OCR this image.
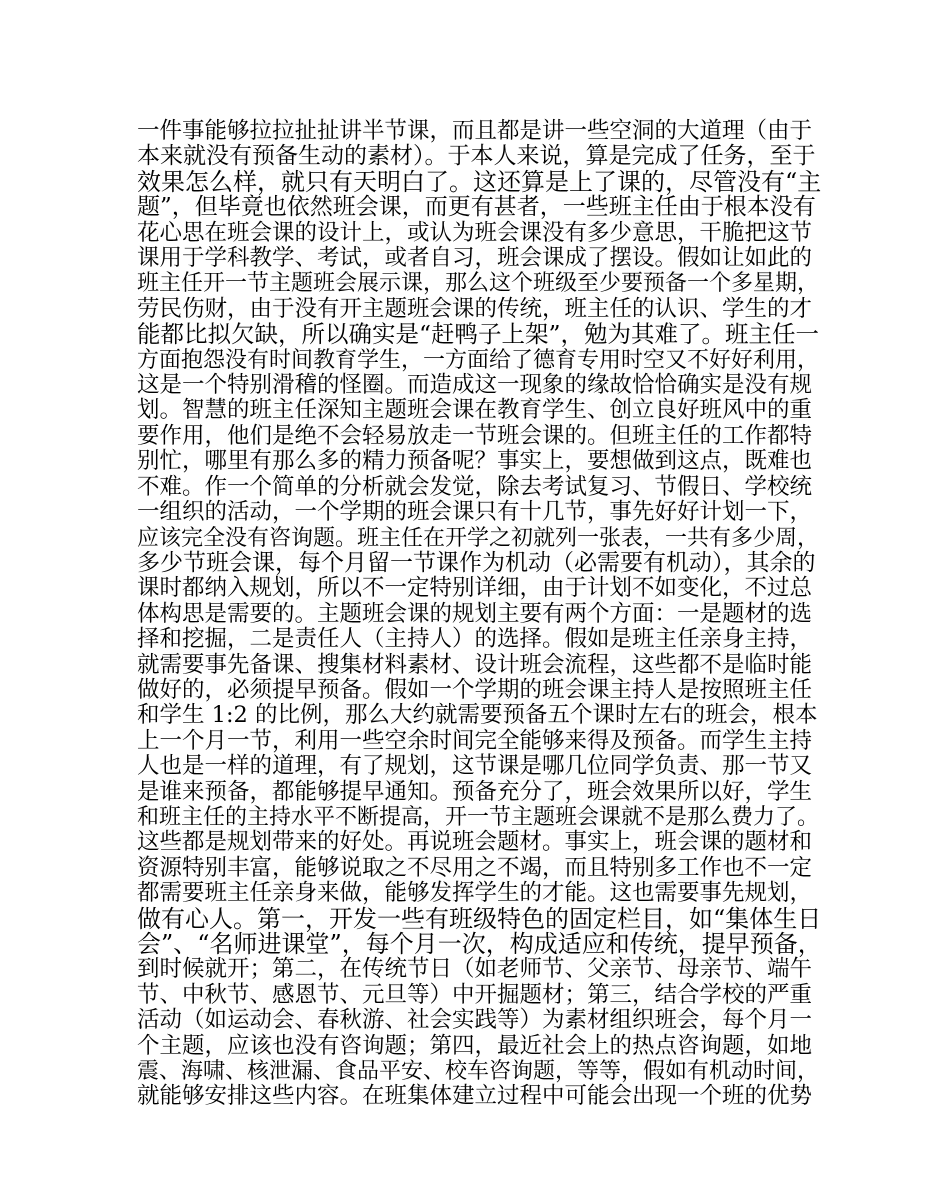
一件事能够拉拉扯扯讲半节课，而且都是讲一些空洞的大道理（由于
本来就没有预备生动的素材）。于本人来说，算是完成了任务，至于
效果怎么样，就只有天明白了。这还算是上了课的，尽管没有“主
题”，但毕竟也依然班会课，而更有甚者，一些班主任由于根本没有
花心思在班会课的设计上，或认为班会课没有多少意思，干脆把这节
课用于学科教学、考试，或者自习，班会课成了摆设。假如让如此的
班主任开一节主题班会展示课，那么这个班级至少要预备一个多星期，
劳民伤财，由于没有开主题班会课的传统，班主任的认识、学生的才
能都比拟欠缺，所以确实是“赶鸭子上架”，勉为其难了。班主任一
方面抱怨没有时间教育学生，一方面给了德育专用时空又不好好利用，
这是一个特别滑稽的怪圈。而造成这一现象的缘故恰恰确实是没有规
划。智慧的班主任深知主题班会课在教育学生、创立良好班风中的重
要作用，他们是绝不会轻易放走一节班会课的。但班主任的工作都特
别忙，哪里有那么多的精力预备呢？事实上，要想做到这点，既难也
不难。作一个简单的分析就会发觉，除去考试复习、节假日、学校统
一组织的活动，一个学期的班会课只有十几节，事先好好计划一下，
应该完全没有咨询题。班主任在开学之初就列一张表，一共有多少周，
多少节班会课，每个月留一节课作为机动（必需要有机动），其余的
课时都纳入规划，所以不一定特别详细，由于计划不如变化，不过总
体构思是需要的。主题班会课的规划主要有两个方面：一是题材的选
择和挖掘，二是责任人（主持人）的选择。假如是班主任亲身主持，
就需要事先备课、搜集材料素材、设计班会流程，这些都不是临时能
做好的，必须提早预备。假如一个学期的班会课主持人是按照班主任
和学生 1:2 的比例，那么大约就需要预备五个课时左右的班会，根本
上一个月一节，利用一些空余时间完全能够来得及预备。而学生主持
人也是一样的道理，有了规划，这节课是哪几位同学负责、那一节又
是谁来预备，都能够提早通知。预备充分了，班会效果所以好，学生
和班主任的主持水平不断提高，开一节主题班会课就不是那么费力了。
这些都是规划带来的好处。再说班会题材。事实上，班会课的题材和
资源特别丰富，能够说取之不尽用之不竭，而且特别多工作也不一定
都需要班主任亲身来做，能够发挥学生的才能。这也需要事先规划，
做有心人。第一，开发一些有班级特色的固定栏目，如“集体生日
会”、“名师进课堂”，每个月一次，构成适应和传统，提早预备，
到时候就开；第二，在传统节日（如老师节、父亲节、母亲节、端午
节、中秋节、感恩节、元旦等）中开掘题材；第三，结合学校的严重
活动（如运动会、春秋游、社会实践等）为素材组织班会，每个月一
个主题，应该也没有咨询题；第四，最近社会上的热点咨询题，如地
震、海啸、核泄漏、食品平安、校车咨询题，等等，假如有机动时间，
就能够安排这些内容。在班集体建立过程中可能会出现一个班的优势
